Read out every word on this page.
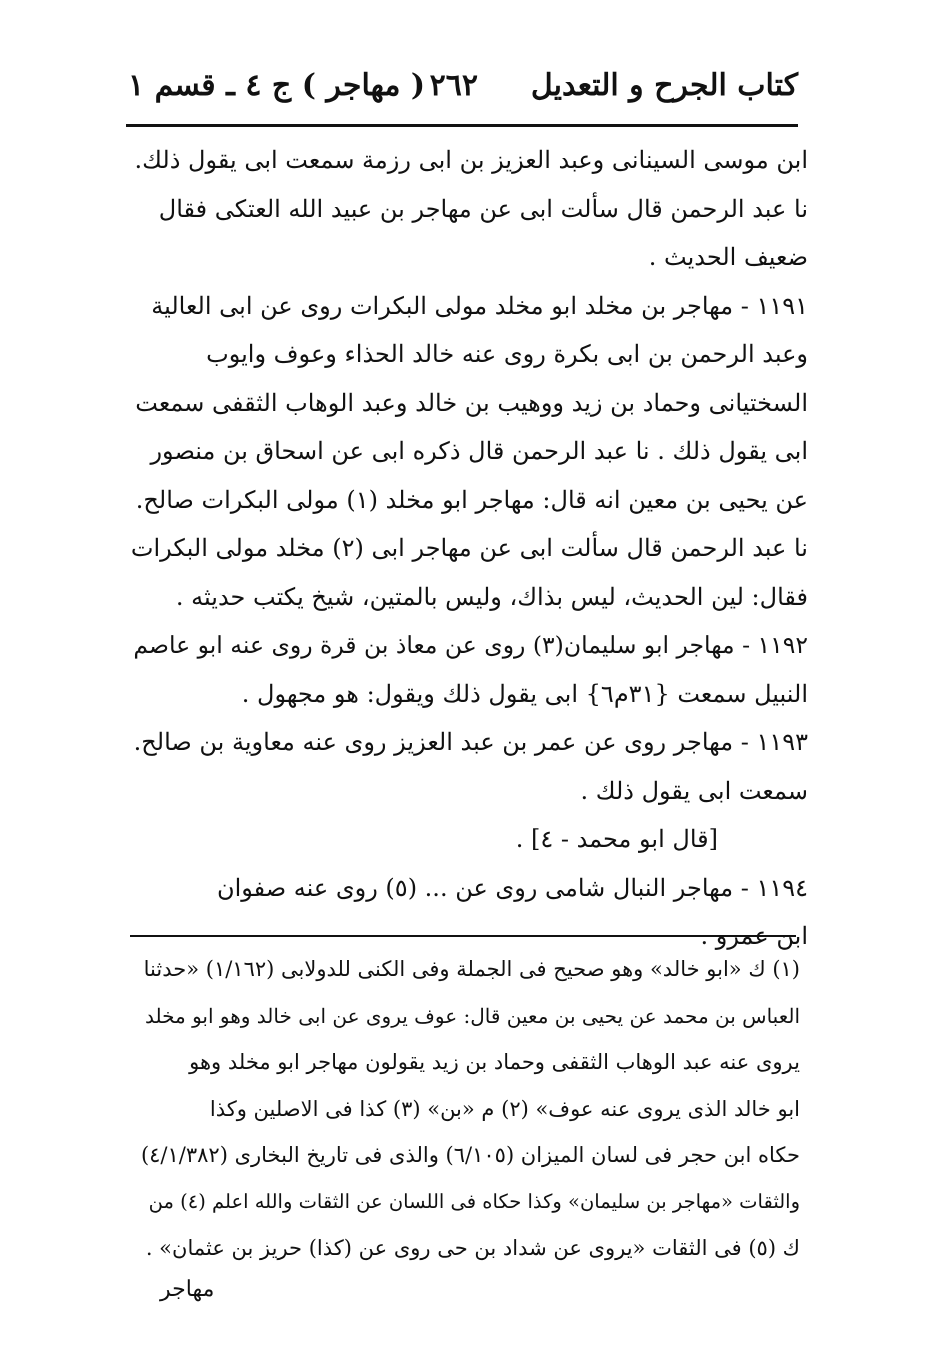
كتاب الجرح و التعديل
٢٦٢
( مهاجر ) ج ٤ ـ قسم ١
ابن موسى السينانى وعبد العزيز بن ابى رزمة سمعت ابى يقول ذلك.
نا عبد الرحمن قال سألت ابى عن مهاجر بن عبيد الله العتكى فقال
ضعيف الحديث .
١١٩١ - مهاجر بن مخلد ابو مخلد مولى البكرات روى عن ابى العالية
وعبد الرحمن بن ابى بكرة روى عنه خالد الحذاء وعوف وايوب
السختيانى وحماد بن زيد ووهيب بن خالد وعبد الوهاب الثقفى سمعت
ابى يقول ذلك . نا عبد الرحمن قال ذكره ابى عن اسحاق بن منصور
عن يحيى بن معين انه قال: مهاجر ابو مخلد (١) مولى البكرات صالح.
نا عبد الرحمن قال سألت ابى عن مهاجر ابى (٢) مخلد مولى البكرات
فقال: لين الحديث، ليس بذاك، وليس بالمتين، شيخ يكتب حديثه .
١١٩٢ - مهاجر ابو سليمان(٣) روى عن معاذ بن قرة روى عنه ابو عاصم
النبيل سمعت {٣١م٦} ابى يقول ذلك ويقول: هو مجهول .
١١٩٣ - مهاجر روى عن عمر بن عبد العزيز روى عنه معاوية بن صالح.
سمعت ابى يقول ذلك .
[قال ابو محمد - ٤] .
١١٩٤ - مهاجر النبال شامى روى عن ... (٥) روى عنه صفوان
ابن عمرو .
(١) ك «ابو خالد» وهو صحيح فى الجملة وفى الكنى للدولابى (١/١٦٢) «حدثنا
العباس بن محمد عن يحيى بن معين قال: عوف يروى عن ابى خالد وهو ابو مخلد
يروى عنه عبد الوهاب الثقفى وحماد بن زيد يقولون مهاجر ابو مخلد وهو
ابو خالد الذى يروى عنه عوف» (٢) م «بن» (٣) كذا فى الاصلين وكذا
حكاه ابن حجر فى لسان الميزان (٦/١٠٥) والذى فى تاريخ البخارى (٤/١/٣٨٢)
والثقات «مهاجر بن سليمان» وكذا حكاه فى اللسان عن الثقات والله اعلم (٤) من
ك (٥) فى الثقات «يروى عن شداد بن حى روى عن (كذا) حريز بن عثمان» .
مهاجر
